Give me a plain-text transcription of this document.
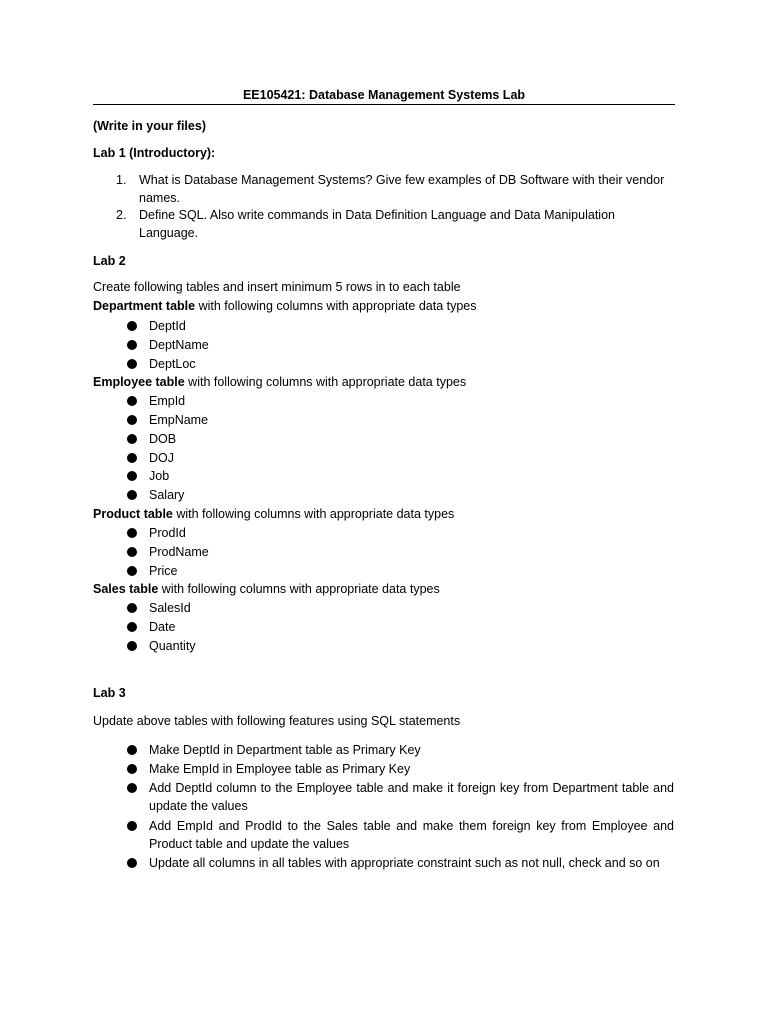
EE105421: Database Management Systems Lab
(Write in your files)
Lab 1 (Introductory):
1. What is Database Management Systems? Give few examples of DB Software with their vendor names.
2. Define SQL. Also write commands in Data Definition Language and Data Manipulation Language.
Lab 2
Create following tables and insert minimum 5 rows in to each table
Department table with following columns with appropriate data types
DeptId
DeptName
DeptLoc
Employee table with following columns with appropriate data types
EmpId
EmpName
DOB
DOJ
Job
Salary
Product table with following columns with appropriate data types
ProdId
ProdName
Price
Sales table with following columns with appropriate data types
SalesId
Date
Quantity
Lab 3
Update above tables with following features using SQL statements
Make DeptId in Department table as Primary Key
Make EmpId in Employee table as Primary Key
Add DeptId column to the Employee table and make it foreign key from Department table and update the values
Add EmpId and ProdId to the Sales table and make them foreign key from Employee and Product table and update the values
Update all columns in all tables with appropriate constraint such as not null, check and so on
